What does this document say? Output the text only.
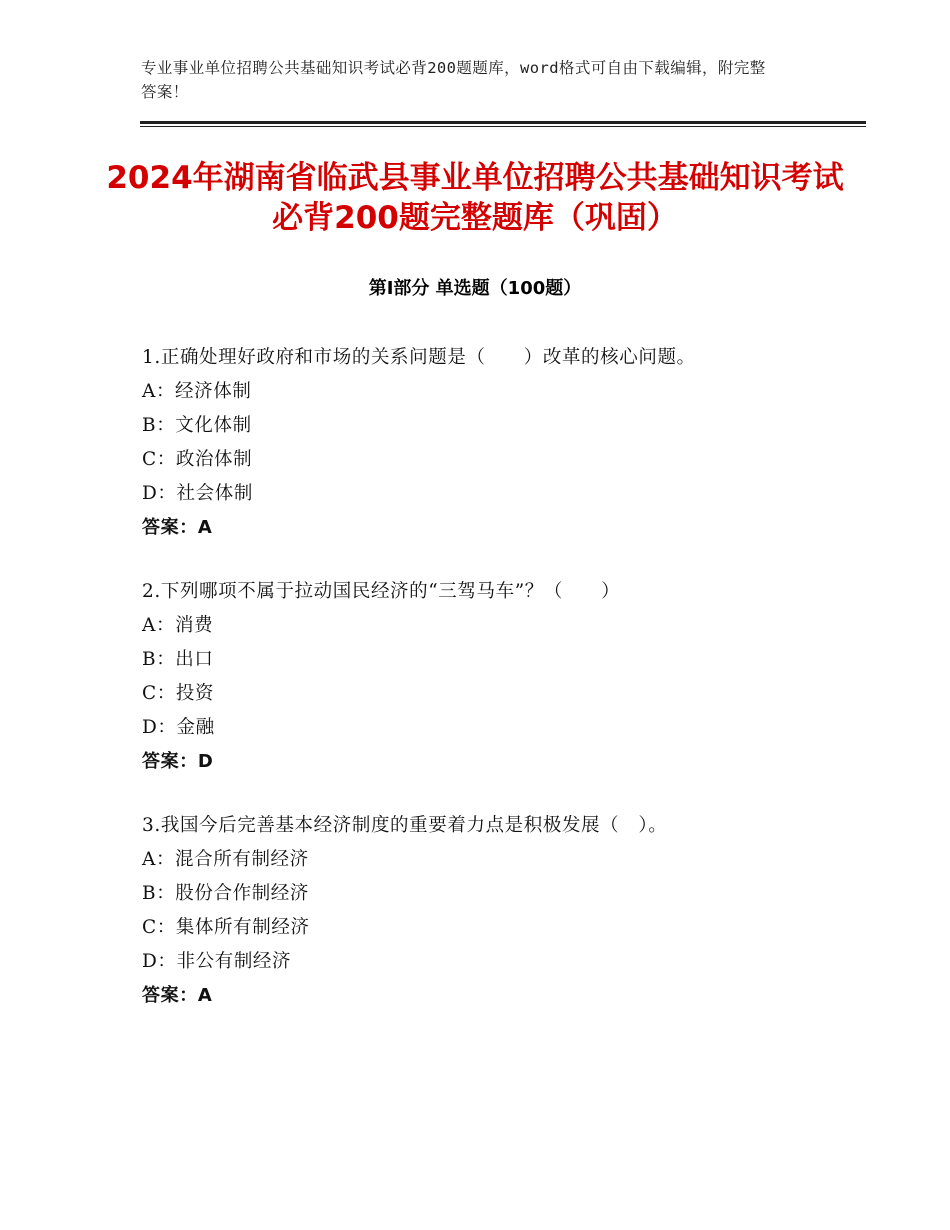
专业事业单位招聘公共基础知识考试必背200题题库，word格式可自由下载编辑，附完整答案！
2024年湖南省临武县事业单位招聘公共基础知识考试必背200题完整题库（巩固）
第Ⅰ部分 单选题（100题）
1.正确处理好政府和市场的关系问题是（　　）改革的核心问题。
A：经济体制
B：文化体制
C：政治体制
D：社会体制
答案：A
2.下列哪项不属于拉动国民经济的“三驾马车”？（　　）
A：消费
B：出口
C：投资
D：金融
答案：D
3.我国今后完善基本经济制度的重要着力点是积极发展（　）。
A：混合所有制经济
B：股份合作制经济
C：集体所有制经济
D：非公有制经济
答案：A
